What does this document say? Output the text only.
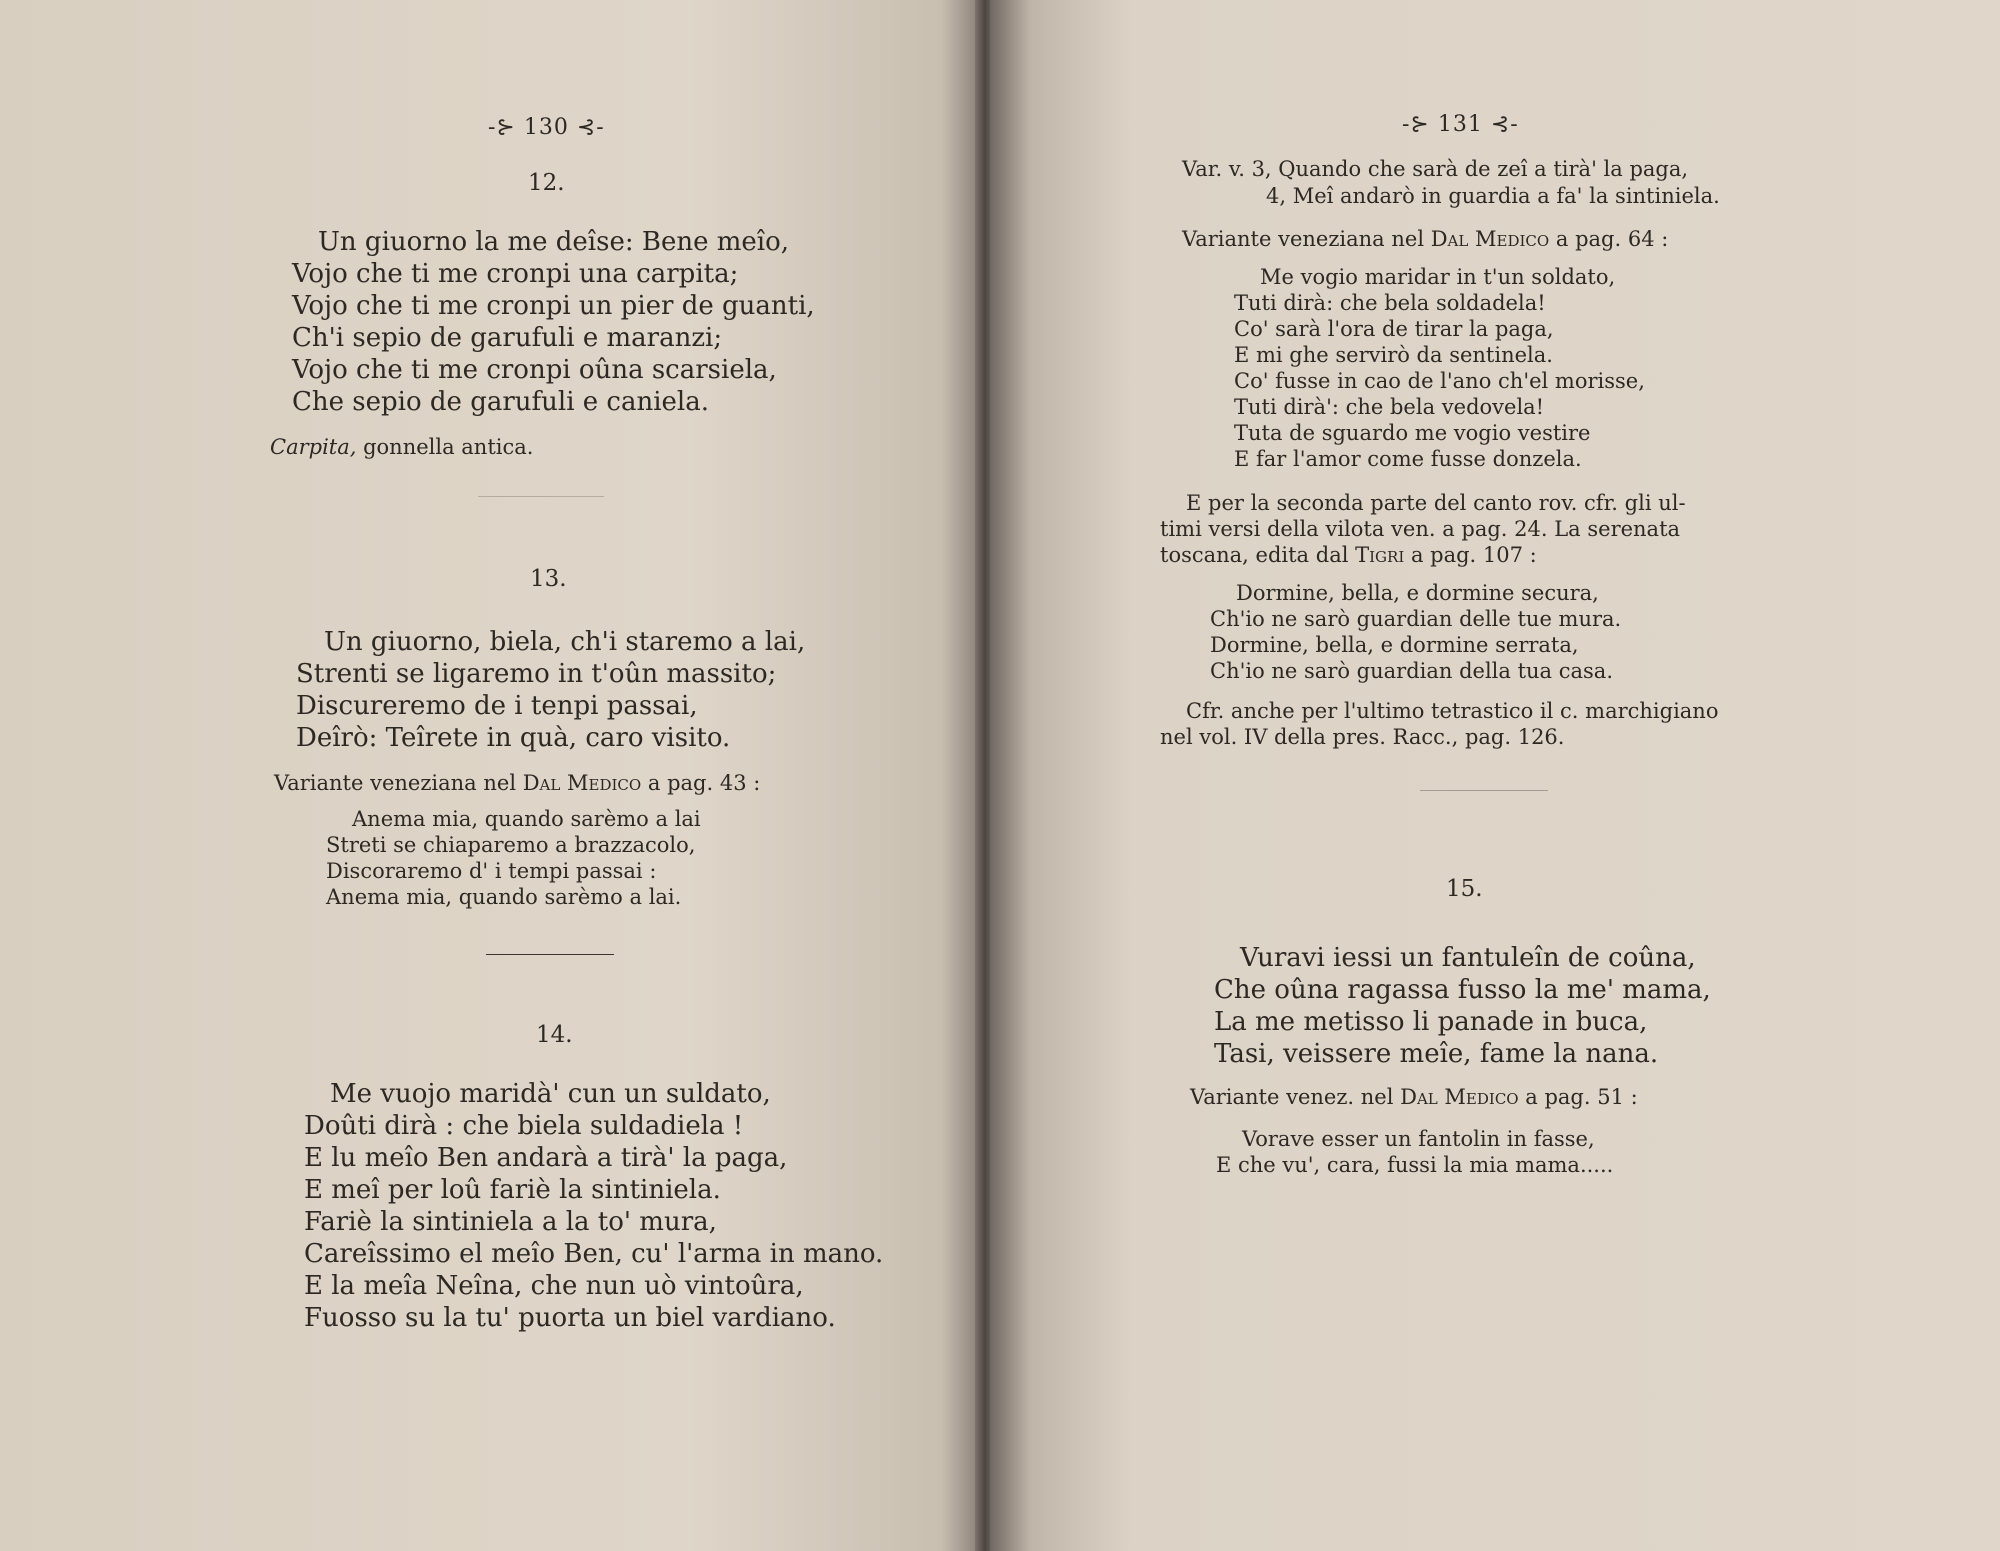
-⊱ 130 ⊰-
12.
Un giuorno la me deîse: Bene meîo,
Vojo che ti me cronpi una carpita;
Vojo che ti me cronpi un pier de guanti,
Ch'i sepio de garufuli e maranzi;
Vojo che ti me cronpi oûna scarsiela,
Che sepio de garufuli e caniela.
Carpita, gonnella antica.
13.
Un giuorno, biela, ch'i staremo a lai,
Strenti se ligaremo in t'oûn massito;
Discureremo de i tenpi passai,
Deîrò: Teîrete in quà, caro visito.
Variante veneziana nel Dal Medico a pag. 43 :
Anema mia, quando sarèmo a lai
Streti se chiaparemo a brazzacolo,
Discoraremo d' i tempi passai :
Anema mia, quando sarèmo a lai.
14.
Me vuojo maridà' cun un suldato,
Doûti dirà : che biela suldadiela !
E lu meîo Ben andarà a tirà' la paga,
E meî per loû fariè la sintiniela.
Fariè la sintiniela a la to' mura,
Careîssimo el meîo Ben, cu' l'arma in mano.
E la meîa Neîna, che nun uò vintoûra,
Fuosso su la tu' puorta un biel vardiano.
-⊱ 131 ⊰-
Var. v. 3, Quando che sarà de zeî a tirà' la paga,
4, Meî andarò in guardia a fa' la sintiniela.
Variante veneziana nel Dal Medico a pag. 64 :
Me vogio maridar in t'un soldato,
Tuti dirà: che bela soldadela!
Co' sarà l'ora de tirar la paga,
E mi ghe servirò da sentinela.
Co' fusse in cao de l'ano ch'el morisse,
Tuti dirà': che bela vedovela!
Tuta de sguardo me vogio vestire
E far l'amor come fusse donzela.
E per la seconda parte del canto rov. cfr. gli ul-
timi versi della vilota ven. a pag. 24. La serenata
toscana, edita dal Tigri a pag. 107 :
Dormine, bella, e dormine secura,
Ch'io ne sarò guardian delle tue mura.
Dormine, bella, e dormine serrata,
Ch'io ne sarò guardian della tua casa.
Cfr. anche per l'ultimo tetrastico il c. marchigiano
nel vol. IV della pres. Racc., pag. 126.
15.
Vuravi iessi un fantuleîn de coûna,
Che oûna ragassa fusso la me' mama,
La me metisso li panade in buca,
Tasi, veissere meîe, fame la nana.
Variante venez. nel Dal Medico a pag. 51 :
Vorave esser un fantolin in fasse,
E che vu', cara, fussi la mia mama.....
